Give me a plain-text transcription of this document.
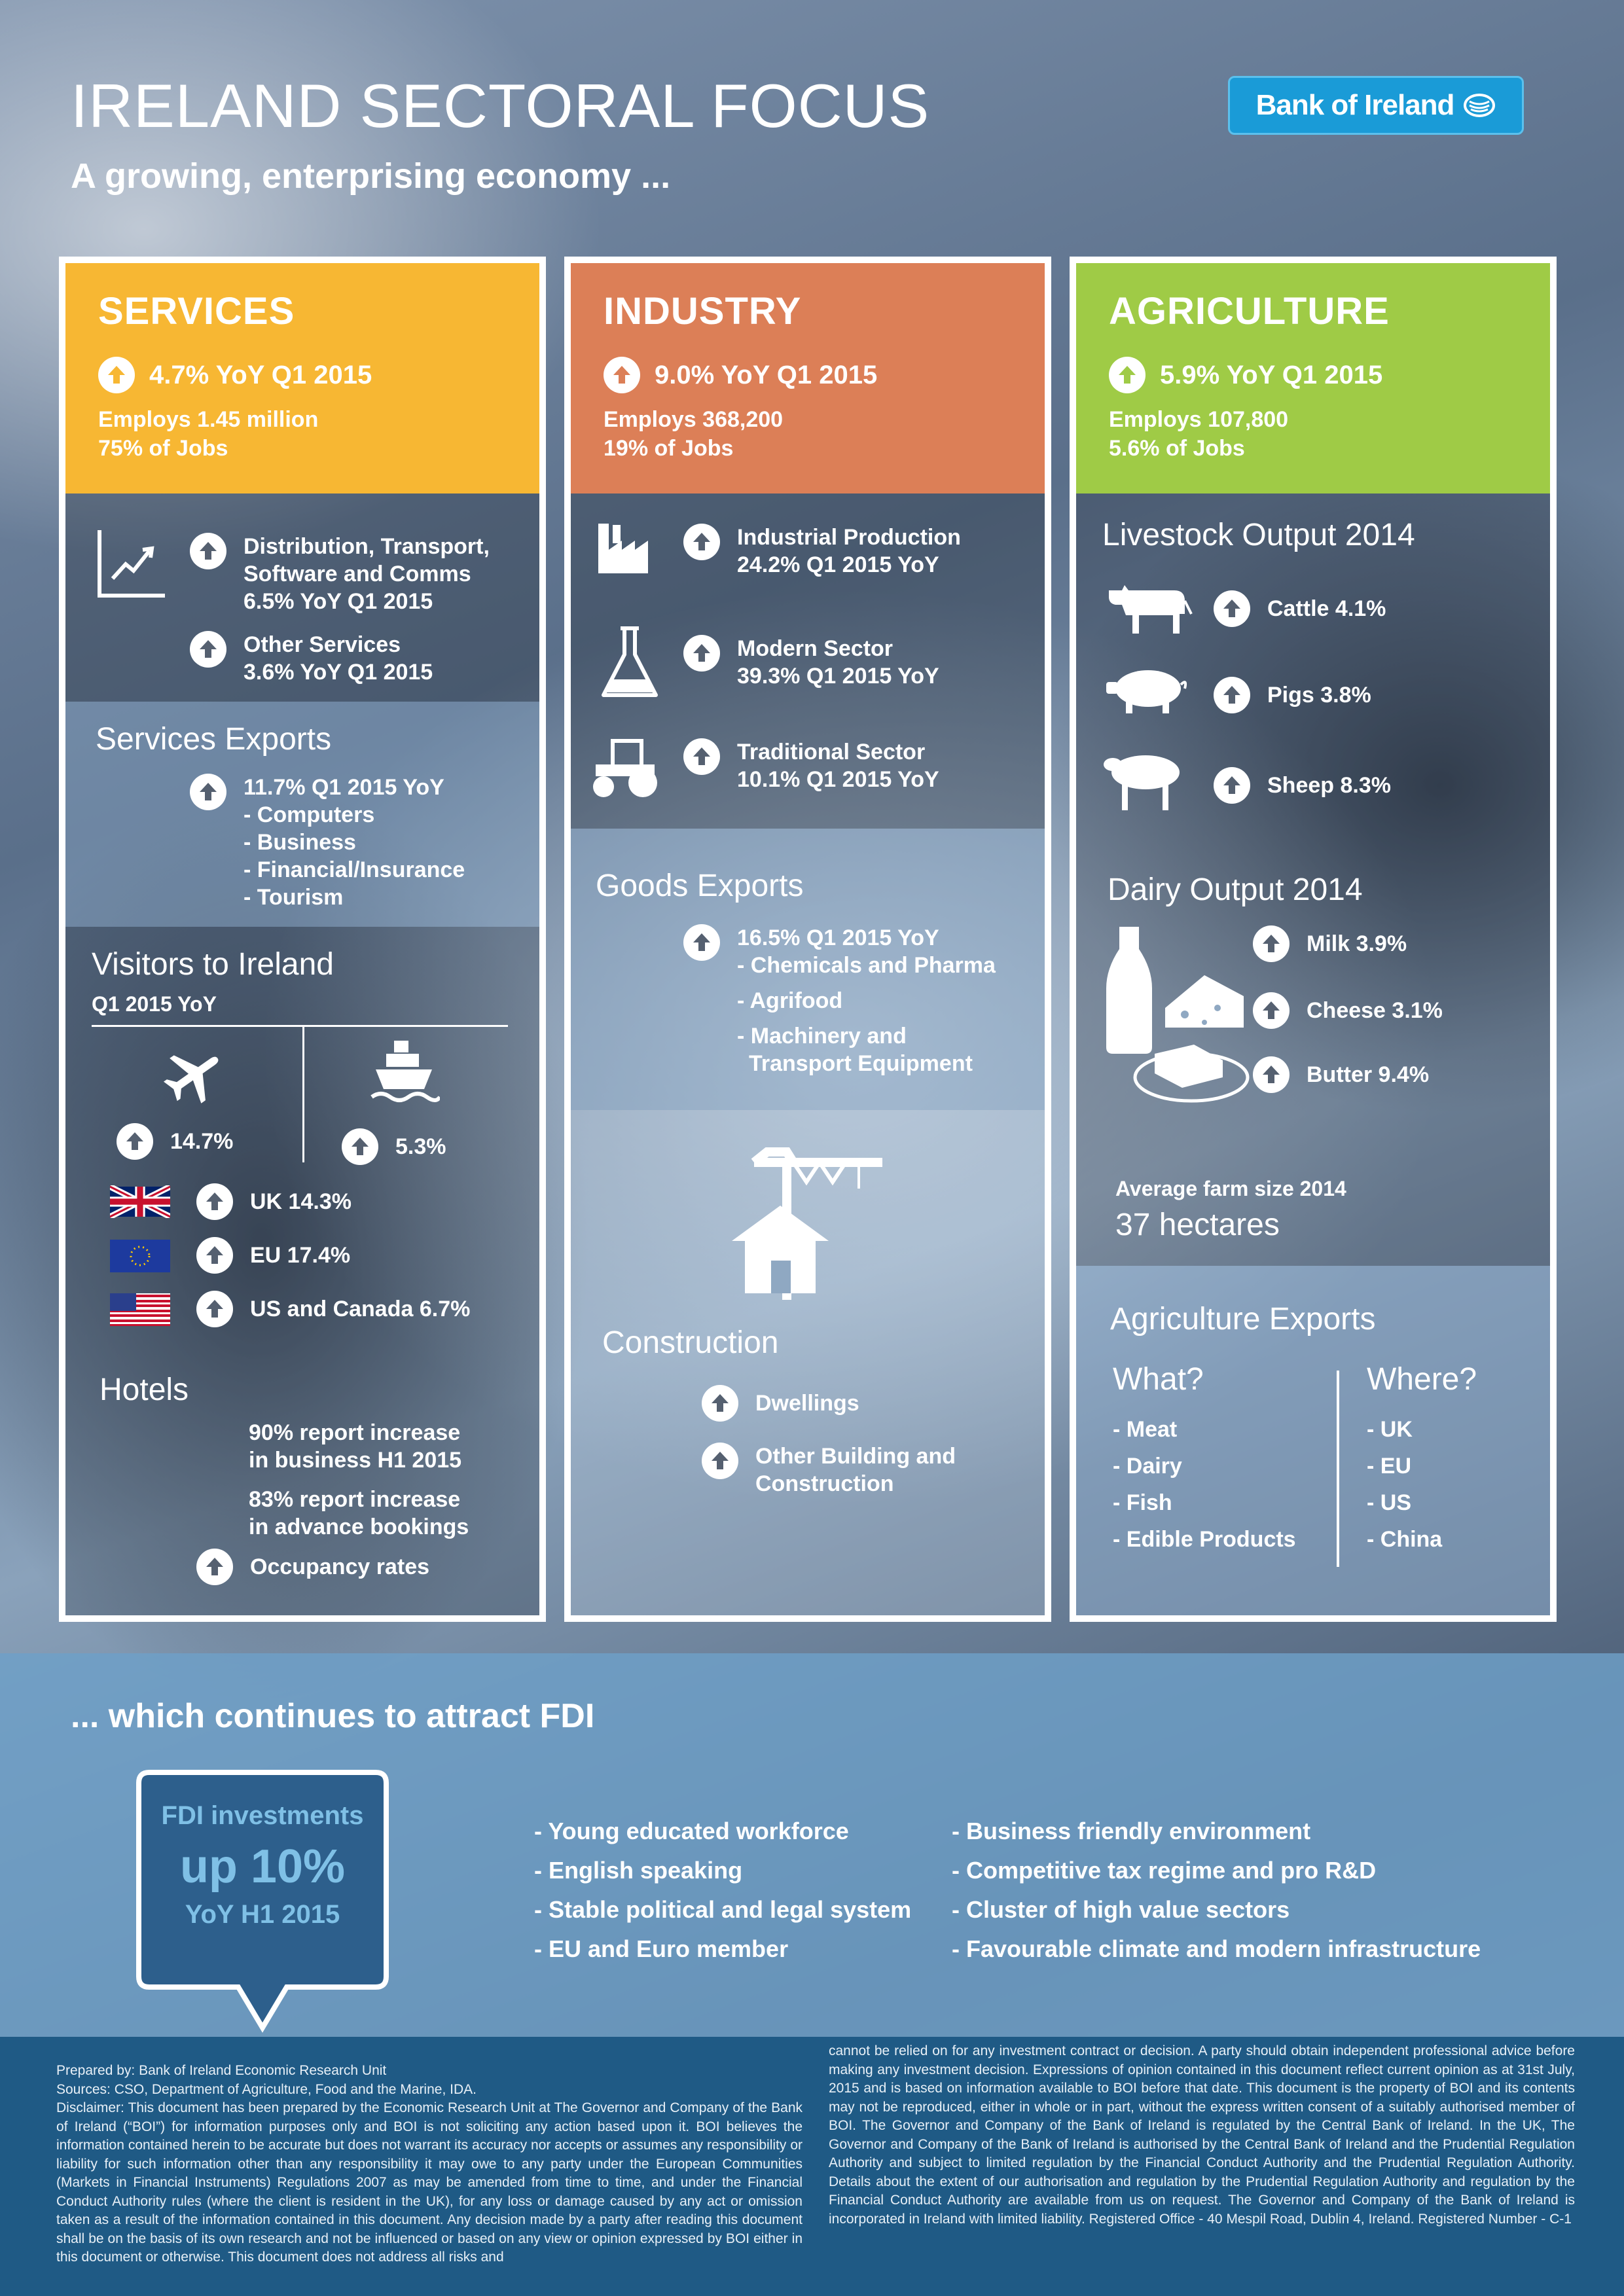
IRELAND SECTORAL FOCUS
A growing, enterprising economy ...
Bank of Ireland
SERVICES
4.7% YoY Q1 2015
Employs 1.45 million
75% of Jobs
Distribution, Transport, Software and Comms
6.5% YoY Q1 2015
Other Services
3.6% YoY Q1 2015
Services Exports
11.7% Q1 2015 YoY
- Computers
- Business
- Financial/Insurance
- Tourism
Visitors to Ireland
Q1 2015 YoY
14.7%	5.3%
UK 14.3%
EU 17.4%
US and Canada 6.7%
Hotels
90% report increase
in business H1 2015
83% report increase
in advance bookings
Occupancy rates
INDUSTRY
9.0% YoY Q1 2015
Employs 368,200
19% of Jobs
Industrial Production
24.2% Q1 2015 YoY
Modern Sector
39.3% Q1 2015 YoY
Traditional Sector
10.1% Q1 2015 YoY
Goods Exports
16.5% Q1 2015 YoY
- Chemicals and Pharma
- Agrifood
- Machinery and
Transport Equipment
Construction
Dwellings
Other Building and
Construction
AGRICULTURE
5.9% YoY Q1 2015
Employs 107,800
5.6% of Jobs
Livestock Output 2014
Cattle 4.1%
Pigs 3.8%
Sheep 8.3%
Dairy Output 2014
Milk 3.9%
Cheese 3.1%
Butter 9.4%
Average farm size 2014
37 hectares
Agriculture Exports
What?
- Meat
- Dairy
- Fish
- Edible Products
Where?
- UK
- EU
- US
- China
... which continues to attract FDI
FDI investments
up 10%
YoY H1 2015
- Young educated workforce
- English speaking
- Stable political and legal system
- EU and Euro member
- Business friendly environment
- Competitive tax regime and pro R&D
- Cluster of high value sectors
- Favourable climate and modern infrastructure
Prepared by: Bank of Ireland Economic Research Unit
Sources: CSO, Department of Agriculture, Food and the Marine, IDA.
Disclaimer: This document has been prepared by the Economic Research Unit at The Governor and Company of the Bank of Ireland (“BOI”) for information purposes only and BOI is not soliciting any action based upon it. BOI believes the information contained herein to be accurate but does not warrant its accuracy nor accepts or assumes any responsibility or liability for such information other than any responsibility it may owe to any party under the European Communities (Markets in Financial Instruments) Regulations 2007 as may be amended from time to time, and under the Financial Conduct Authority rules (where the client is resident in the UK), for any loss or damage caused by any act or omission taken as a result of the information contained in this document. Any decision made by a party after reading this document shall be on the basis of its own research and not be influenced or based on any view or opinion expressed by BOI either in this document or otherwise. This document does not address all risks and
cannot be relied on for any investment contract or decision. A party should obtain independent professional advice before making any investment decision. Expressions of opinion contained in this document reflect current opinion as at 31st July, 2015 and is based on information available to BOI before that date. This document is the property of BOI and its contents may not be reproduced, either in whole or in part, without the express written consent of a suitably authorised member of BOI. The Governor and Company of the Bank of Ireland is regulated by the Central Bank of Ireland. In the UK, The Governor and Company of the Bank of Ireland is authorised by the Central Bank of Ireland and the Prudential Regulation Authority and subject to limited regulation by the Financial Conduct Authority and the Prudential Regulation Authority. Details about the extent of our authorisation and regulation by the Prudential Regulation Authority and regulation by the Financial Conduct Authority are available from us on request. The Governor and Company of the Bank of Ireland is incorporated in Ireland with limited liability. Registered Office - 40 Mespil Road, Dublin 4, Ireland. Registered Number - C-1
